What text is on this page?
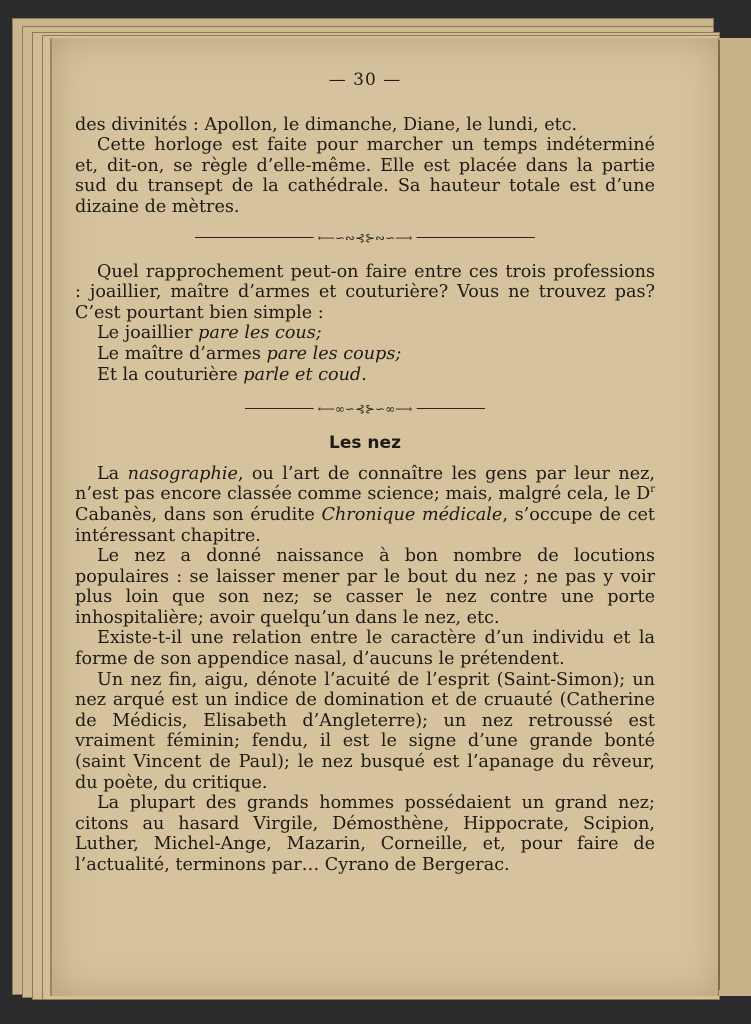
— 30 —

des divinités : Apollon, le dimanche, Diane, le lundi, etc.

Cette horloge est faite pour marcher un temps indéterminé et, dit-on, se règle d’elle-même. Elle est placée dans la partie sud du transept de la cathédrale. Sa hauteur totale est d’une dizaine de mètres.

⟵∽∾⊰⊱∾∽⟶

Quel rapprochement peut-on faire entre ces trois professions : joaillier, maître d’armes et couturière? Vous ne trouvez pas? C’est pourtant bien simple :

Le joaillier pare les cous;
Le maître d’armes pare les coups;
Et la couturière parle et coud.
⟵∞∽⊰⊱∽∞⟶
Les nez

La nasographie, ou l’art de connaître les gens par leur nez, n’est pas encore classée comme science; mais, malgré cela, le $D^r$ Cabanès, dans son érudite Chronique médicale, s’occupe de cet intéressant chapitre.

Le nez a donné naissance à bon nombre de locutions populaires : se laisser mener par le bout du nez ; ne pas y voir plus loin que son nez; se casser le nez contre une porte inhospitalière; avoir quelqu’un dans le nez, etc.

Existe-t-il une relation entre le caractère d’un individu et la forme de son appendice nasal, d’aucuns le prétendent.

Un nez fin, aigu, dénote l’acuité de l’esprit (Saint-Simon); un nez arqué est un indice de domination et de cruauté (Catherine de Médicis, Elisabeth d’Angleterre); un nez retroussé est vraiment féminin; fendu, il est le signe d’une grande bonté (saint Vincent de Paul); le nez busqué est l’apanage du rêveur, du poète, du critique.

La plupart des grands hommes possédaient un grand nez; citons au hasard Virgile, Démosthène, Hippocrate, Scipion, Luther, Michel-Ange, Mazarin, Corneille, et, pour faire de l’actualité, terminons par… Cyrano de Bergerac.
